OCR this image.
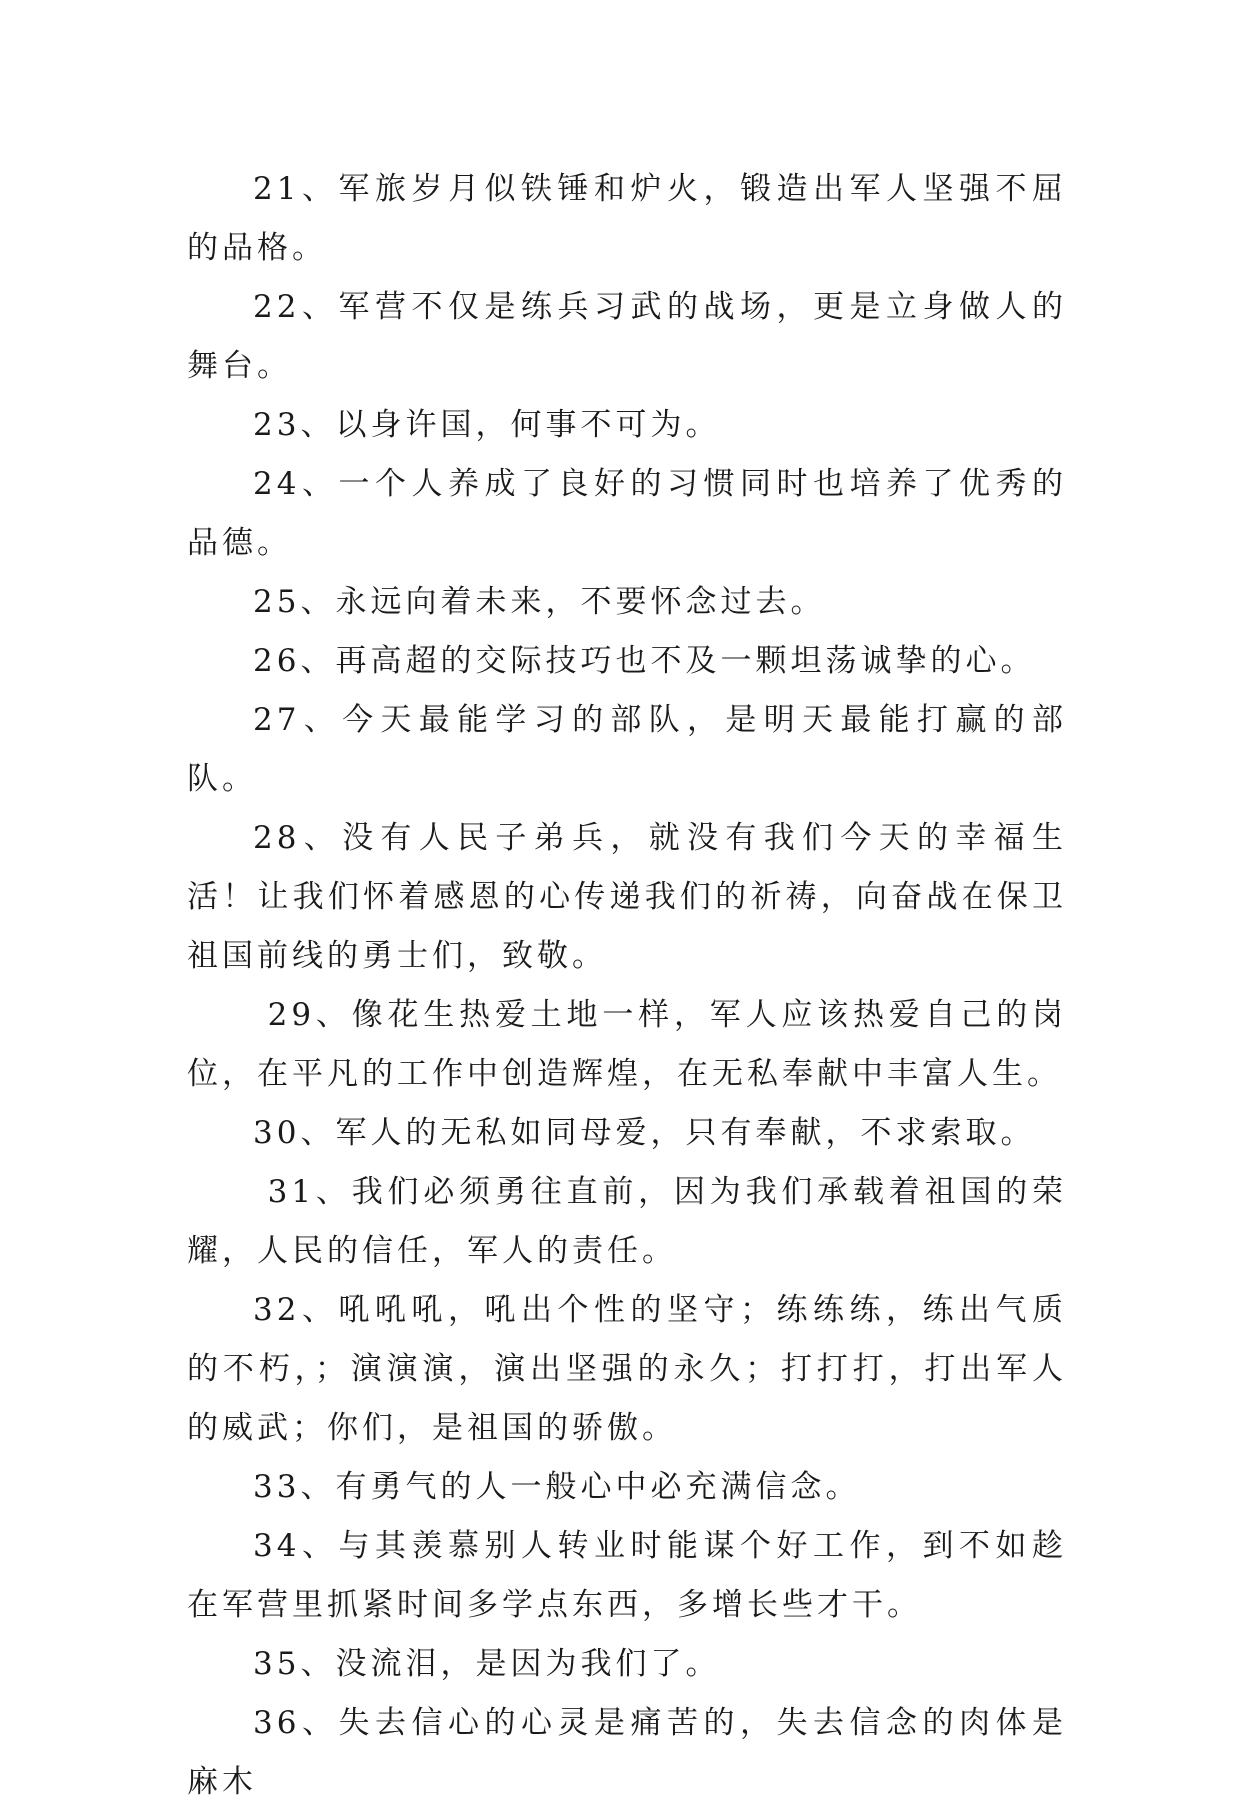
21、军旅岁月似铁锤和炉火，锻造出军人坚强不屈的品格。

22、军营不仅是练兵习武的战场，更是立身做人的舞台。

23、以身许国，何事不可为。

24、一个人养成了良好的习惯同时也培养了优秀的品德。

25、永远向着未来，不要怀念过去。

26、再高超的交际技巧也不及一颗坦荡诚挚的心。

27、今天最能学习的部队，是明天最能打赢的部队。

28、没有人民子弟兵，就没有我们今天的幸福生活！让我们怀着感恩的心传递我们的祈祷，向奋战在保卫祖国前线的勇士们，致敬。

29、像花生热爱土地一样，军人应该热爱自己的岗位，在平凡的工作中创造辉煌，在无私奉献中丰富人生。

30、军人的无私如同母爱，只有奉献，不求索取。

31、我们必须勇往直前，因为我们承载着祖国的荣耀，人民的信任，军人的责任。

32、吼吼吼，吼出个性的坚守；练练练，练出气质的不朽，；演演演，演出坚强的永久；打打打，打出军人的威武；你们，是祖国的骄傲。

33、有勇气的人一般心中必充满信念。

34、与其羡慕别人转业时能谋个好工作，到不如趁在军营里抓紧时间多学点东西，多增长些才干。

35、没流泪，是因为我们了。

36、失去信心的心灵是痛苦的，失去信念的肉体是麻木
